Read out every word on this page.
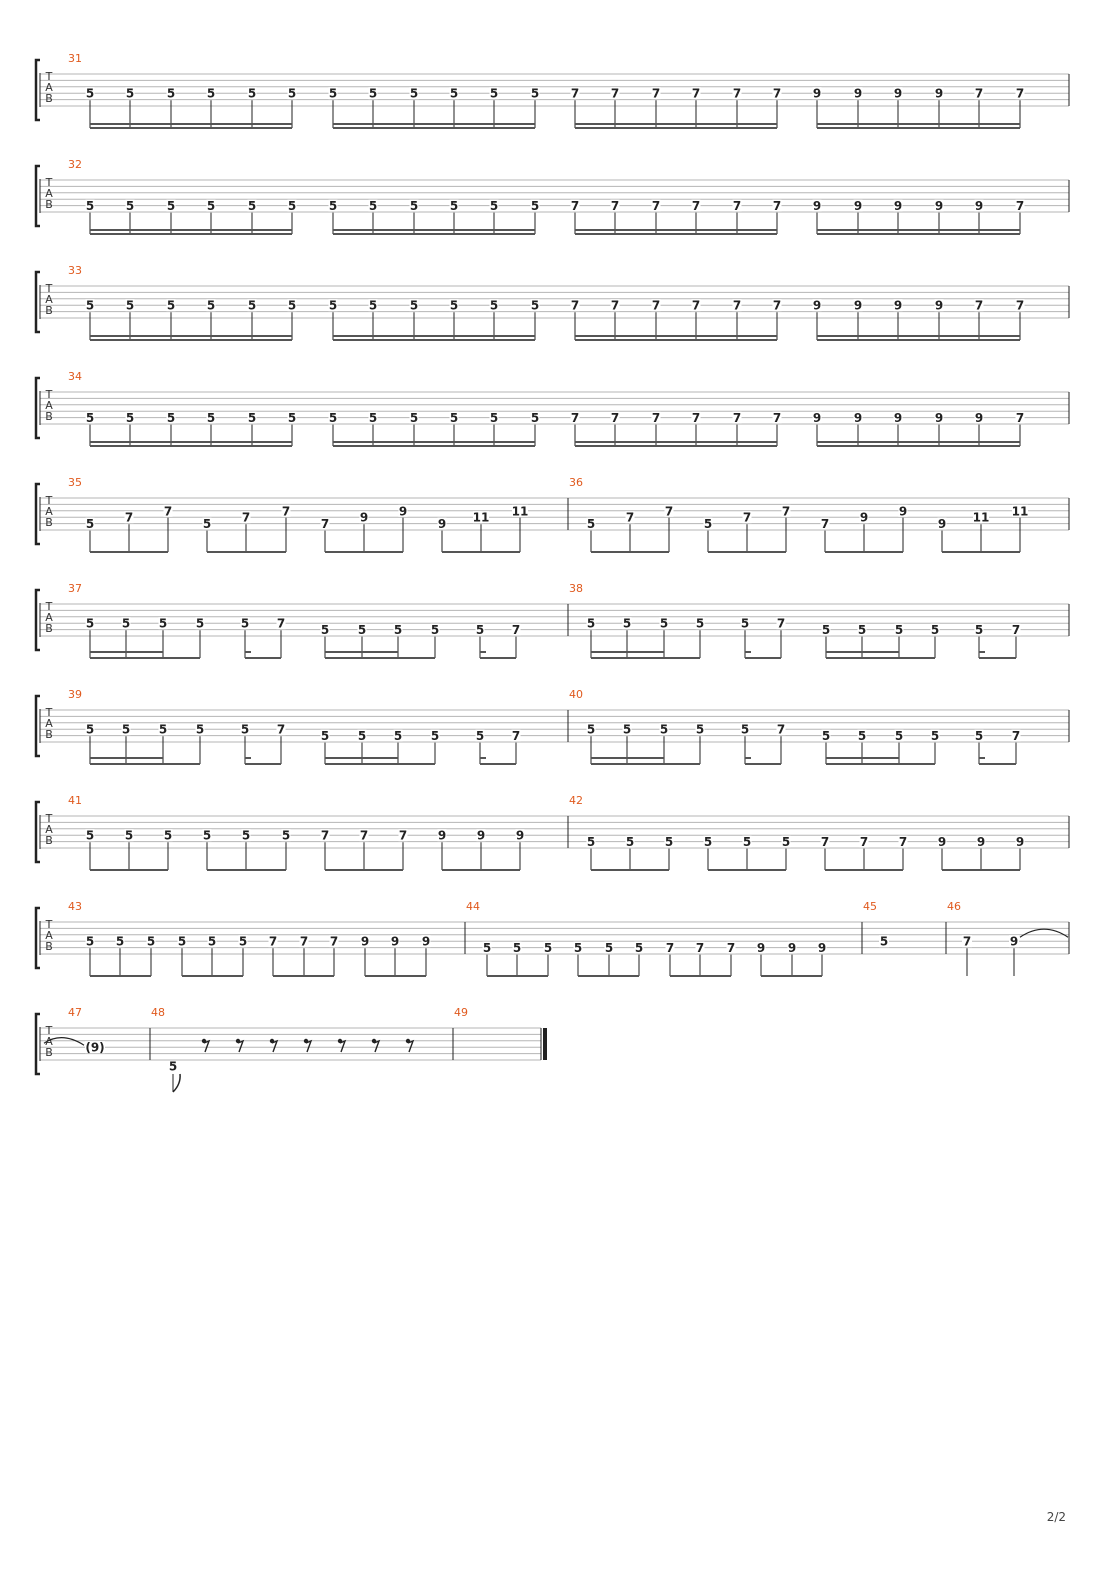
T
A
B
31
5	5	5	5	5	5	5	5	5	5	5	5	7	7	7	7	7	7	9	9	9	9	7	7
T
A
B
32
5	5	5	5	5	5	5	5	5	5	5	5	7	7	7	7	7	7	9	9	9	9	9	7
T
A
B
33
5	5	5	5	5	5	5	5	5	5	5	5	7	7	7	7	7	7	9	9	9	9	7	7
T
A
B
34
5	5	5	5	5	5	5	5	5	5	5	5	7	7	7	7	7	7	9	9	9	9	9	7
T
A
B
35
5	7	7
5	7	7
7	9	9
9 11 11
36
5	7	7
5	7	7
7	9	9
9 11 11
T
A
B
37
5 5 5 5	5 7	5 5 5 5	5 7
38
5 5 5 5	5 7	5 5 5 5	5 7
T
A
B
39
5 5 5 5	5 7	5 5 5 5	5 7
40
5 5 5 5	5 7	5 5 5 5	5 7
T
A
B
41
5	5	5	5	5	5	7	7	7	9	9	9
42
5	5	5	5	5	5	7	7	7	9	9	9
T
A
B
43
5 5 5 5 5 5 7 7 7 9 9 9
44
5 5 5 5 5 5 7 7 7 9 9 9
45
5
46
7	9
T
A
B
47
(9)
48
5
49
2/2
